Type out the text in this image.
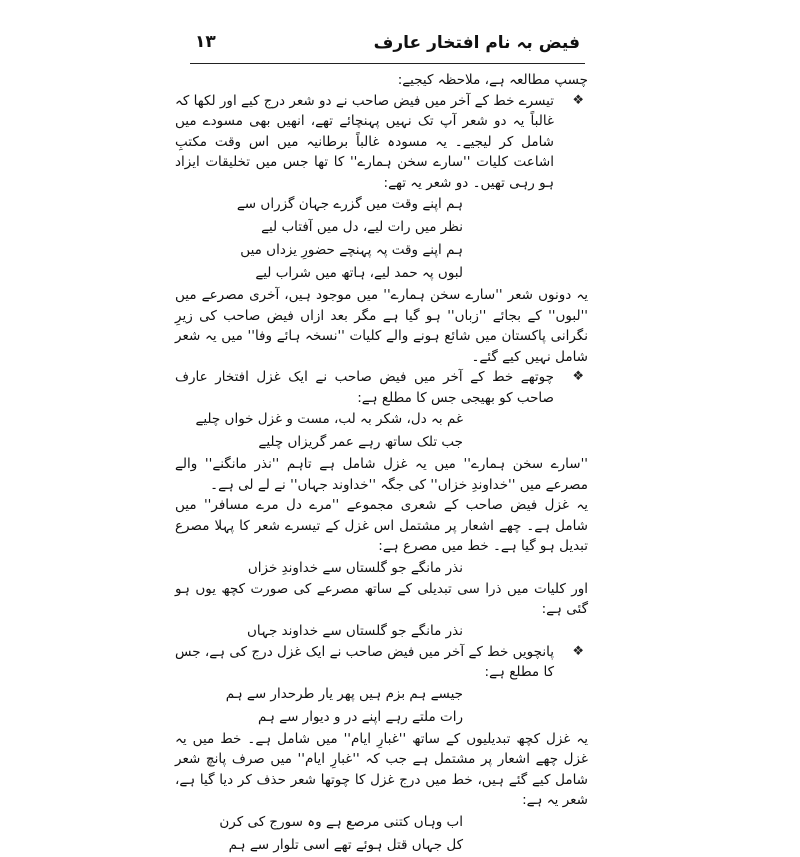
فیض بہ نام افتخار عارف
۱۳

چسپ مطالعہ ہے، ملاحظہ کیجیے:

❖
تیسرے خط کے آخر میں فیض صاحب نے دو شعر درج کیے اور لکھا کہ غالباً یہ دو شعر آپ تک نہیں پہنچائے تھے، انھیں بھی مسودے میں شامل کر لیجیے۔ یہ مسودہ غالباً برطانیہ میں اس وقت مکتبِ اشاعت کلیات ''سارے سخن ہمارے'' کا تھا جس میں تخلیقات ایزاد ہو رہی تھیں۔ دو شعر یہ تھے:

ہم اپنے وقت میں گزرے جہان گزراں سے
نظر میں رات لیے، دل میں آفتاب لیے
ہم اپنے وقت پہ پہنچے حضورِ یزداں میں
لبوں پہ حمد لیے، ہاتھ میں شراب لیے

یہ دونوں شعر ''سارے سخن ہمارے'' میں موجود ہیں، آخری مصرعے میں ''لبوں'' کے بجائے ''زباں'' ہو گیا ہے مگر بعد ازاں فیض صاحب کی زیرِ نگرانی پاکستان میں شائع ہونے والے کلیات ''نسخہ ہائے وفا'' میں یہ شعر شامل نہیں کیے گئے۔

❖
چوتھے خط کے آخر میں فیض صاحب نے ایک غزل افتخار عارف صاحب کو بھیجی جس کا مطلع ہے:

غم بہ دل، شکر بہ لب، مست و غزل خواں چلیے
جب تلک ساتھ رہے عمر گریزاں چلیے

''سارے سخن ہمارے'' میں یہ غزل شامل ہے تاہم ''نذر مانگنے'' والے مصرعے میں ''خداوندِ خزاں'' کی جگہ ''خداوند جہاں'' نے لے لی ہے۔

یہ غزل فیض صاحب کے شعری مجموعے ''مرے دل مرے مسافر'' میں شامل ہے۔ چھے اشعار پر مشتمل اس غزل کے تیسرے شعر کا پہلا مصرع تبدیل ہو گیا ہے۔ خط میں مصرع ہے:

نذر مانگے جو گلستاں سے خداوندِ خزاں

اور کلیات میں ذرا سی تبدیلی کے ساتھ مصرعے کی صورت کچھ یوں ہو گئی ہے:

نذر مانگے جو گلستاں سے خداوند جہاں

❖
پانچویں خط کے آخر میں فیض صاحب نے ایک غزل درج کی ہے، جس کا مطلع ہے:

جیسے ہم بزم ہیں پھر یار طرحدار سے ہم
رات ملتے رہے اپنے در و دیوار سے ہم

یہ غزل کچھ تبدیلیوں کے ساتھ ''غبارِ ایام'' میں شامل ہے۔ خط میں یہ غزل چھے اشعار پر مشتمل ہے جب کہ ''غبارِ ایام'' میں صرف پانچ شعر شامل کیے گئے ہیں، خط میں درج غزل کا چوتھا شعر حذف کر دیا گیا ہے، شعر یہ ہے:

اب وہاں کتنی مرصع ہے وہ سورج کی کرن
کل جہاں قتل ہوئے تھے اسی تلوار سے ہم
